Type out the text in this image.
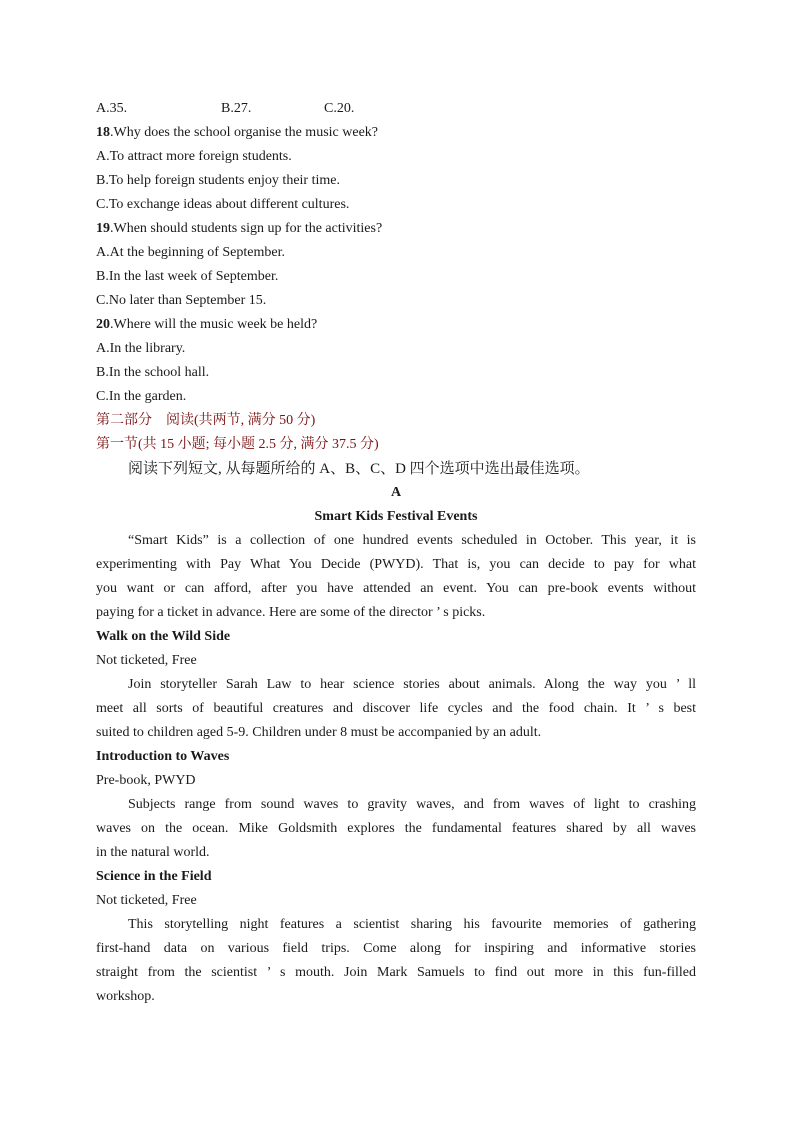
A.35.	B.27.	C.20.
18.Why does the school organise the music week?
A.To attract more foreign students.
B.To help foreign students enjoy their time.
C.To exchange ideas about different cultures.
19.When should students sign up for the activities?
A.At the beginning of September.
B.In the last week of September.
C.No later than September 15.
20.Where will the music week be held?
A.In the library.
B.In the school hall.
C.In the garden.
第二部分　阅读(共两节, 满分 50 分)
第一节(共 15 小题; 每小题 2.5 分, 满分 37.5 分)
阅读下列短文, 从每题所给的 A、B、C、D 四个选项中选出最佳选项。
A
Smart Kids Festival Events
“Smart Kids” is a collection of one hundred events scheduled in October. This year, it is
experimenting with Pay What You Decide (PWYD). That is, you can decide to pay for what
you want or can afford, after you have attended an event. You can pre-book events without
paying for a ticket in advance. Here are some of the director ’ s picks.
Walk on the Wild Side
Not ticketed, Free
Join storyteller Sarah Law to hear science stories about animals. Along the way you ’ ll
meet all sorts of beautiful creatures and discover life cycles and the food chain. It ’ s best
suited to children aged 5-9. Children under 8 must be accompanied by an adult.
Introduction to Waves
Pre-book, PWYD
Subjects range from sound waves to gravity waves, and from waves of light to crashing
waves on the ocean. Mike Goldsmith explores the fundamental features shared by all waves
in the natural world.
Science in the Field
Not ticketed, Free
This storytelling night features a scientist sharing his favourite memories of gathering
first-hand data on various field trips. Come along for inspiring and informative stories
straight from the scientist ’ s mouth. Join Mark Samuels to find out more in this fun-filled
workshop.
